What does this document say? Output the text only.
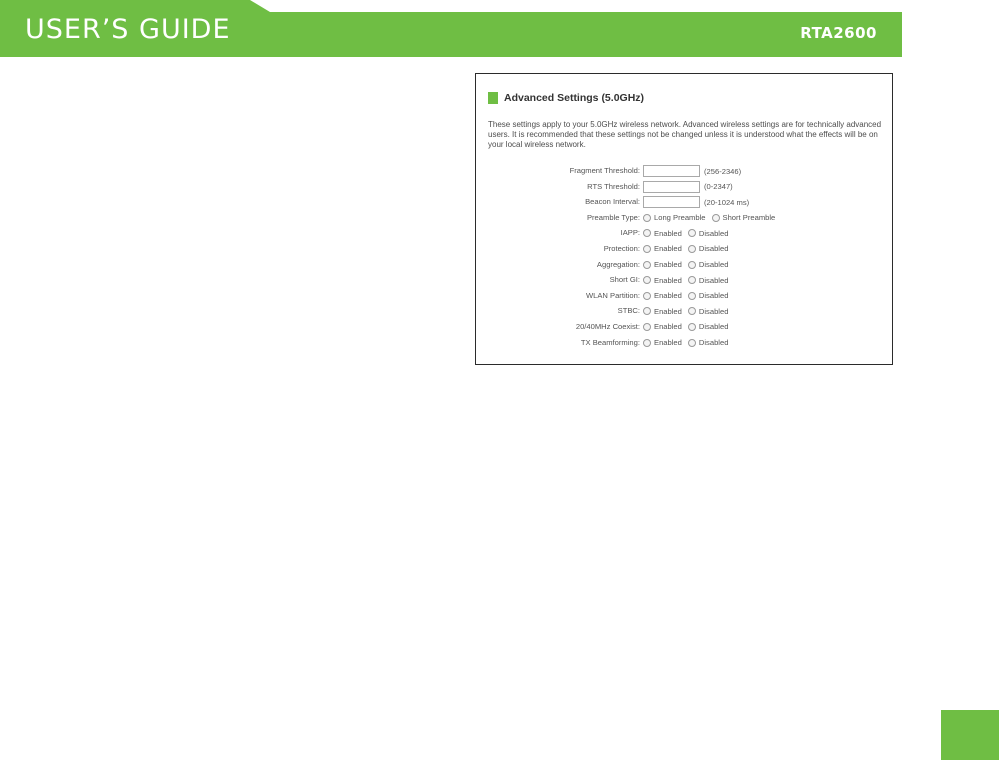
USER’S GUIDE	RTA2600
Advanced Settings (5.0GHz)
These settings apply to your 5.0GHz wireless network. Advanced wireless settings are for technically advanced users. It is recommended that these settings not be changed unless it is understood what the effects will be on your local wireless network.
Fragment Threshold:	(256-2346)
RTS Threshold:	(0-2347)
Beacon Interval:	(20-1024 ms)
Preamble Type: Long Preamble Short Preamble
IAPP: Enabled Disabled
Protection: Enabled Disabled
Aggregation: Enabled Disabled
Short GI: Enabled Disabled
WLAN Partition: Enabled Disabled
STBC: Enabled Disabled
20/40MHz Coexist: Enabled Disabled
TX Beamforming: Enabled Disabled
